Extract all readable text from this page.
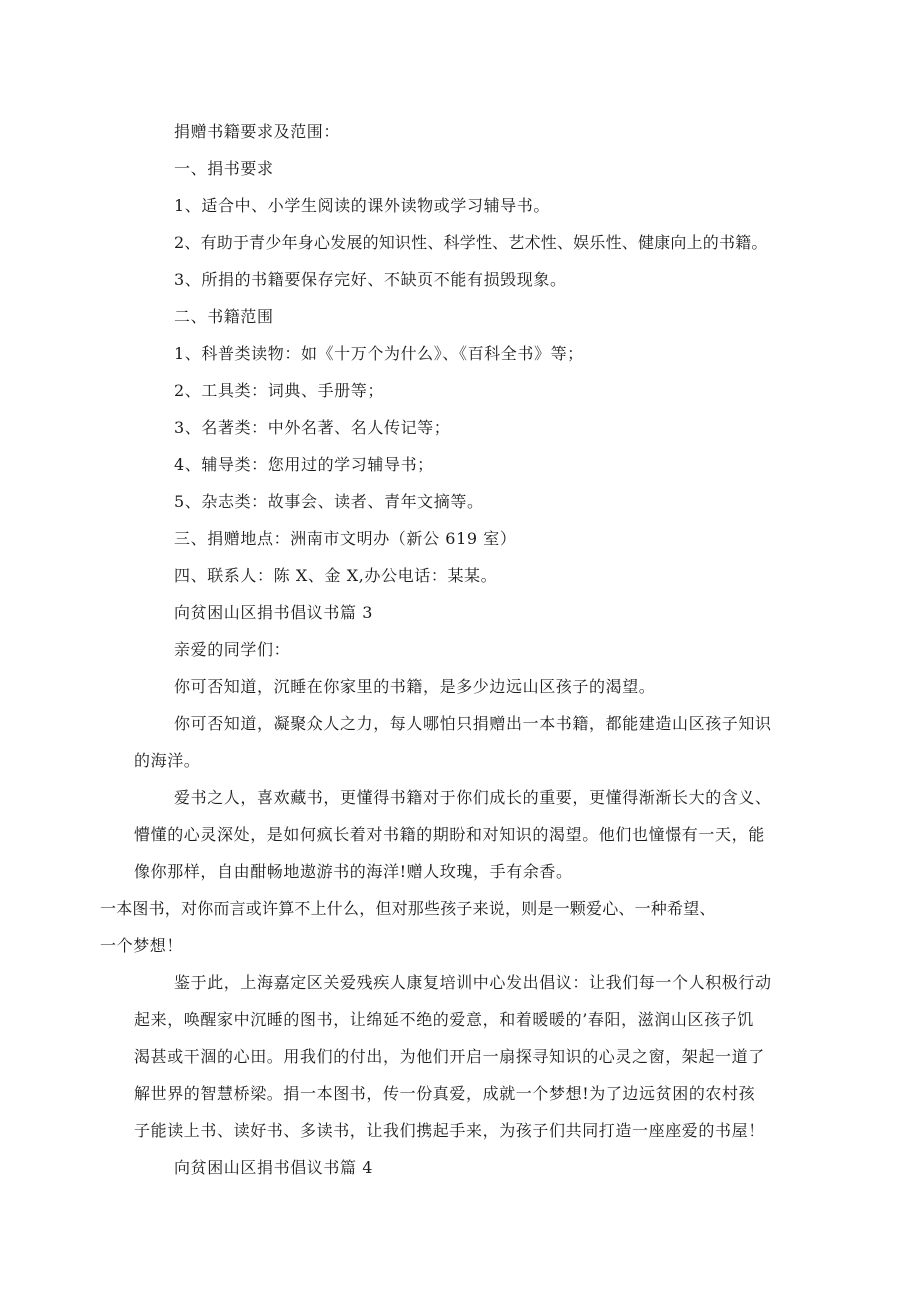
捐赠书籍要求及范围：
一、捐书要求
1、适合中、小学生阅读的课外读物或学习辅导书。
2、有助于青少年身心发展的知识性、科学性、艺术性、娱乐性、健康向上的书籍。
3、所捐的书籍要保存完好、不缺页不能有损毁现象。
二、书籍范围
1、科普类读物：如《十万个为什么》、《百科全书》等；
2、工具类：词典、手册等；
3、名著类：中外名著、名人传记等；
4、辅导类：您用过的学习辅导书；
5、杂志类：故事会、读者、青年文摘等。
三、捐赠地点：洲南市文明办（新公 619 室）
四、联系人：陈 X、金 X,办公电话：某某。
向贫困山区捐书倡议书篇 3
亲爱的同学们：
你可否知道，沉睡在你家里的书籍，是多少边远山区孩子的渴望。
你可否知道，凝聚众人之力，每人哪怕只捐赠出一本书籍，都能建造山区孩子知识
的海洋。
爱书之人，喜欢藏书，更懂得书籍对于你们成长的重要，更懂得渐渐长大的含义、
懵懂的心灵深处，是如何疯长着对书籍的期盼和对知识的渴望。他们也憧憬有一天，能
像你那样，自由酣畅地遨游书的海洋!赠人玫瑰，手有余香。
一本图书，对你而言或许算不上什么，但对那些孩子来说，则是一颗爱心、一种希望、
一个梦想！
鉴于此，上海嘉定区关爱残疾人康复培训中心发出倡议：让我们每一个人积极行动
起来，唤醒家中沉睡的图书，让绵延不绝的爱意，和着暖暖的’春阳，滋润山区孩子饥
渴甚或干涸的心田。用我们的付出，为他们开启一扇探寻知识的心灵之窗，架起一道了
解世界的智慧桥梁。捐一本图书，传一份真爱，成就一个梦想!为了边远贫困的农村孩
子能读上书、读好书、多读书，让我们携起手来，为孩子们共同打造一座座爱的书屋！
向贫困山区捐书倡议书篇 4
